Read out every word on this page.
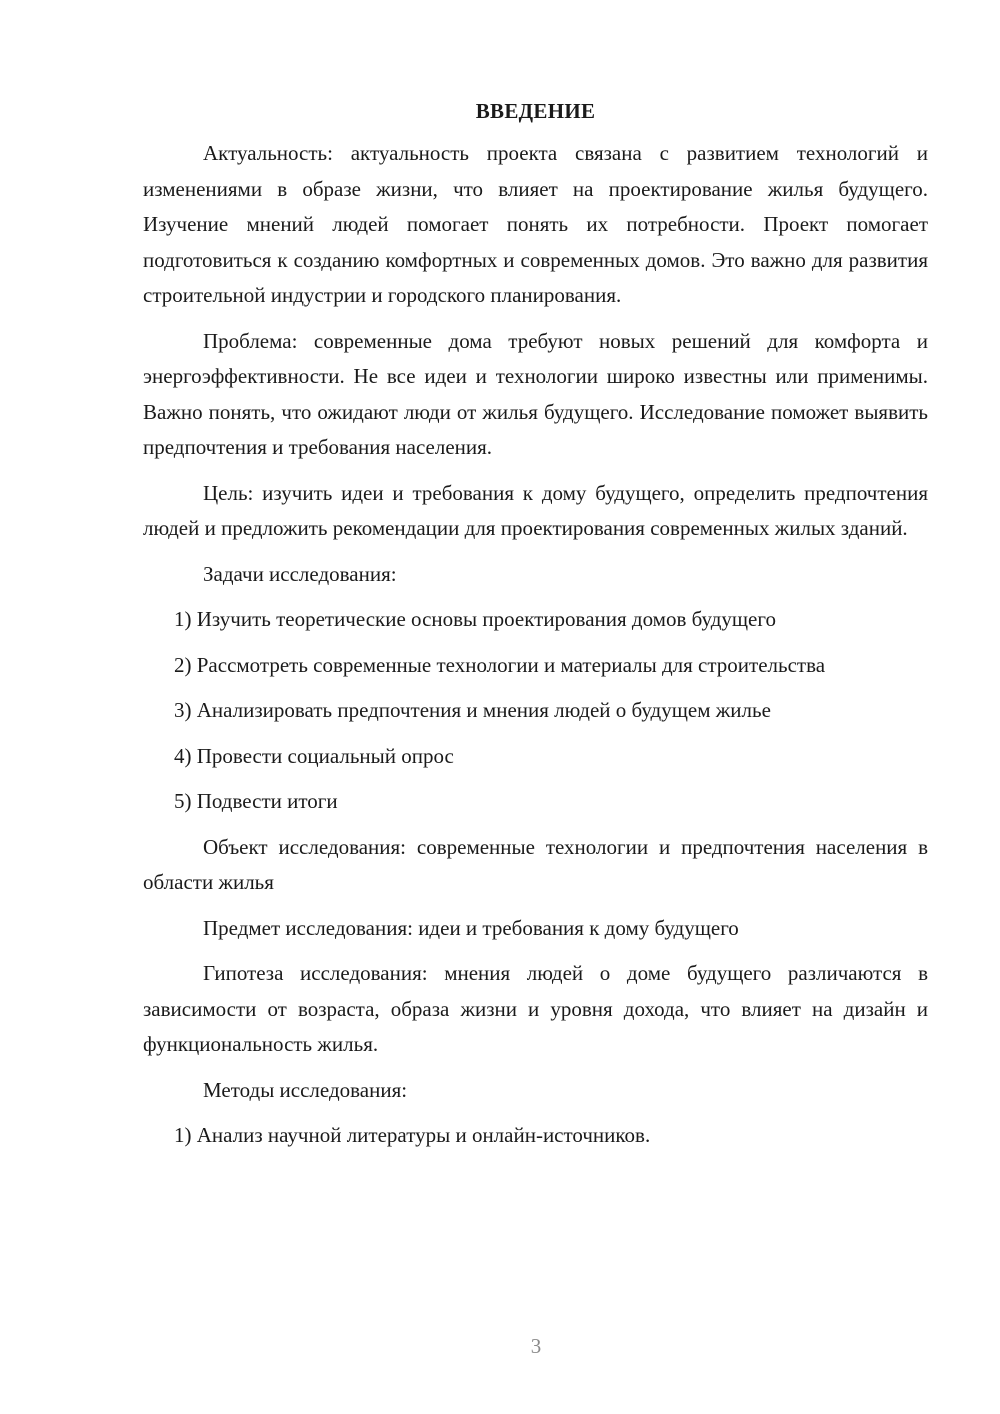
ВВЕДЕНИЕ

Актуальность: актуальность проекта связана с развитием технологий и изменениями в образе жизни, что влияет на проектирование жилья будущего. Изучение мнений людей помогает понять их потребности. Проект помогает подготовиться к созданию комфортных и современных домов. Это важно для развития строительной индустрии и городского планирования.

Проблема: современные дома требуют новых решений для комфорта и энергоэффективности. Не все идеи и технологии широко известны или применимы. Важно понять, что ожидают люди от жилья будущего. Исследование поможет выявить предпочтения и требования населения.

Цель: изучить идеи и требования к дому будущего, определить предпочтения людей и предложить рекомендации для проектирования современных жилых зданий.

Задачи исследования:

1) Изучить теоретические основы проектирования домов будущего

2) Рассмотреть современные технологии и материалы для строительства

3) Анализировать предпочтения и мнения людей о будущем жилье

4) Провести социальный опрос

5) Подвести итоги

Объект исследования: современные технологии и предпочтения населения в области жилья

Предмет исследования: идеи и требования к дому будущего

Гипотеза исследования: мнения людей о доме будущего различаются в зависимости от возраста, образа жизни и уровня дохода, что влияет на дизайн и функциональность жилья.

Методы исследования:

1) Анализ научной литературы и онлайн-источников.

3
